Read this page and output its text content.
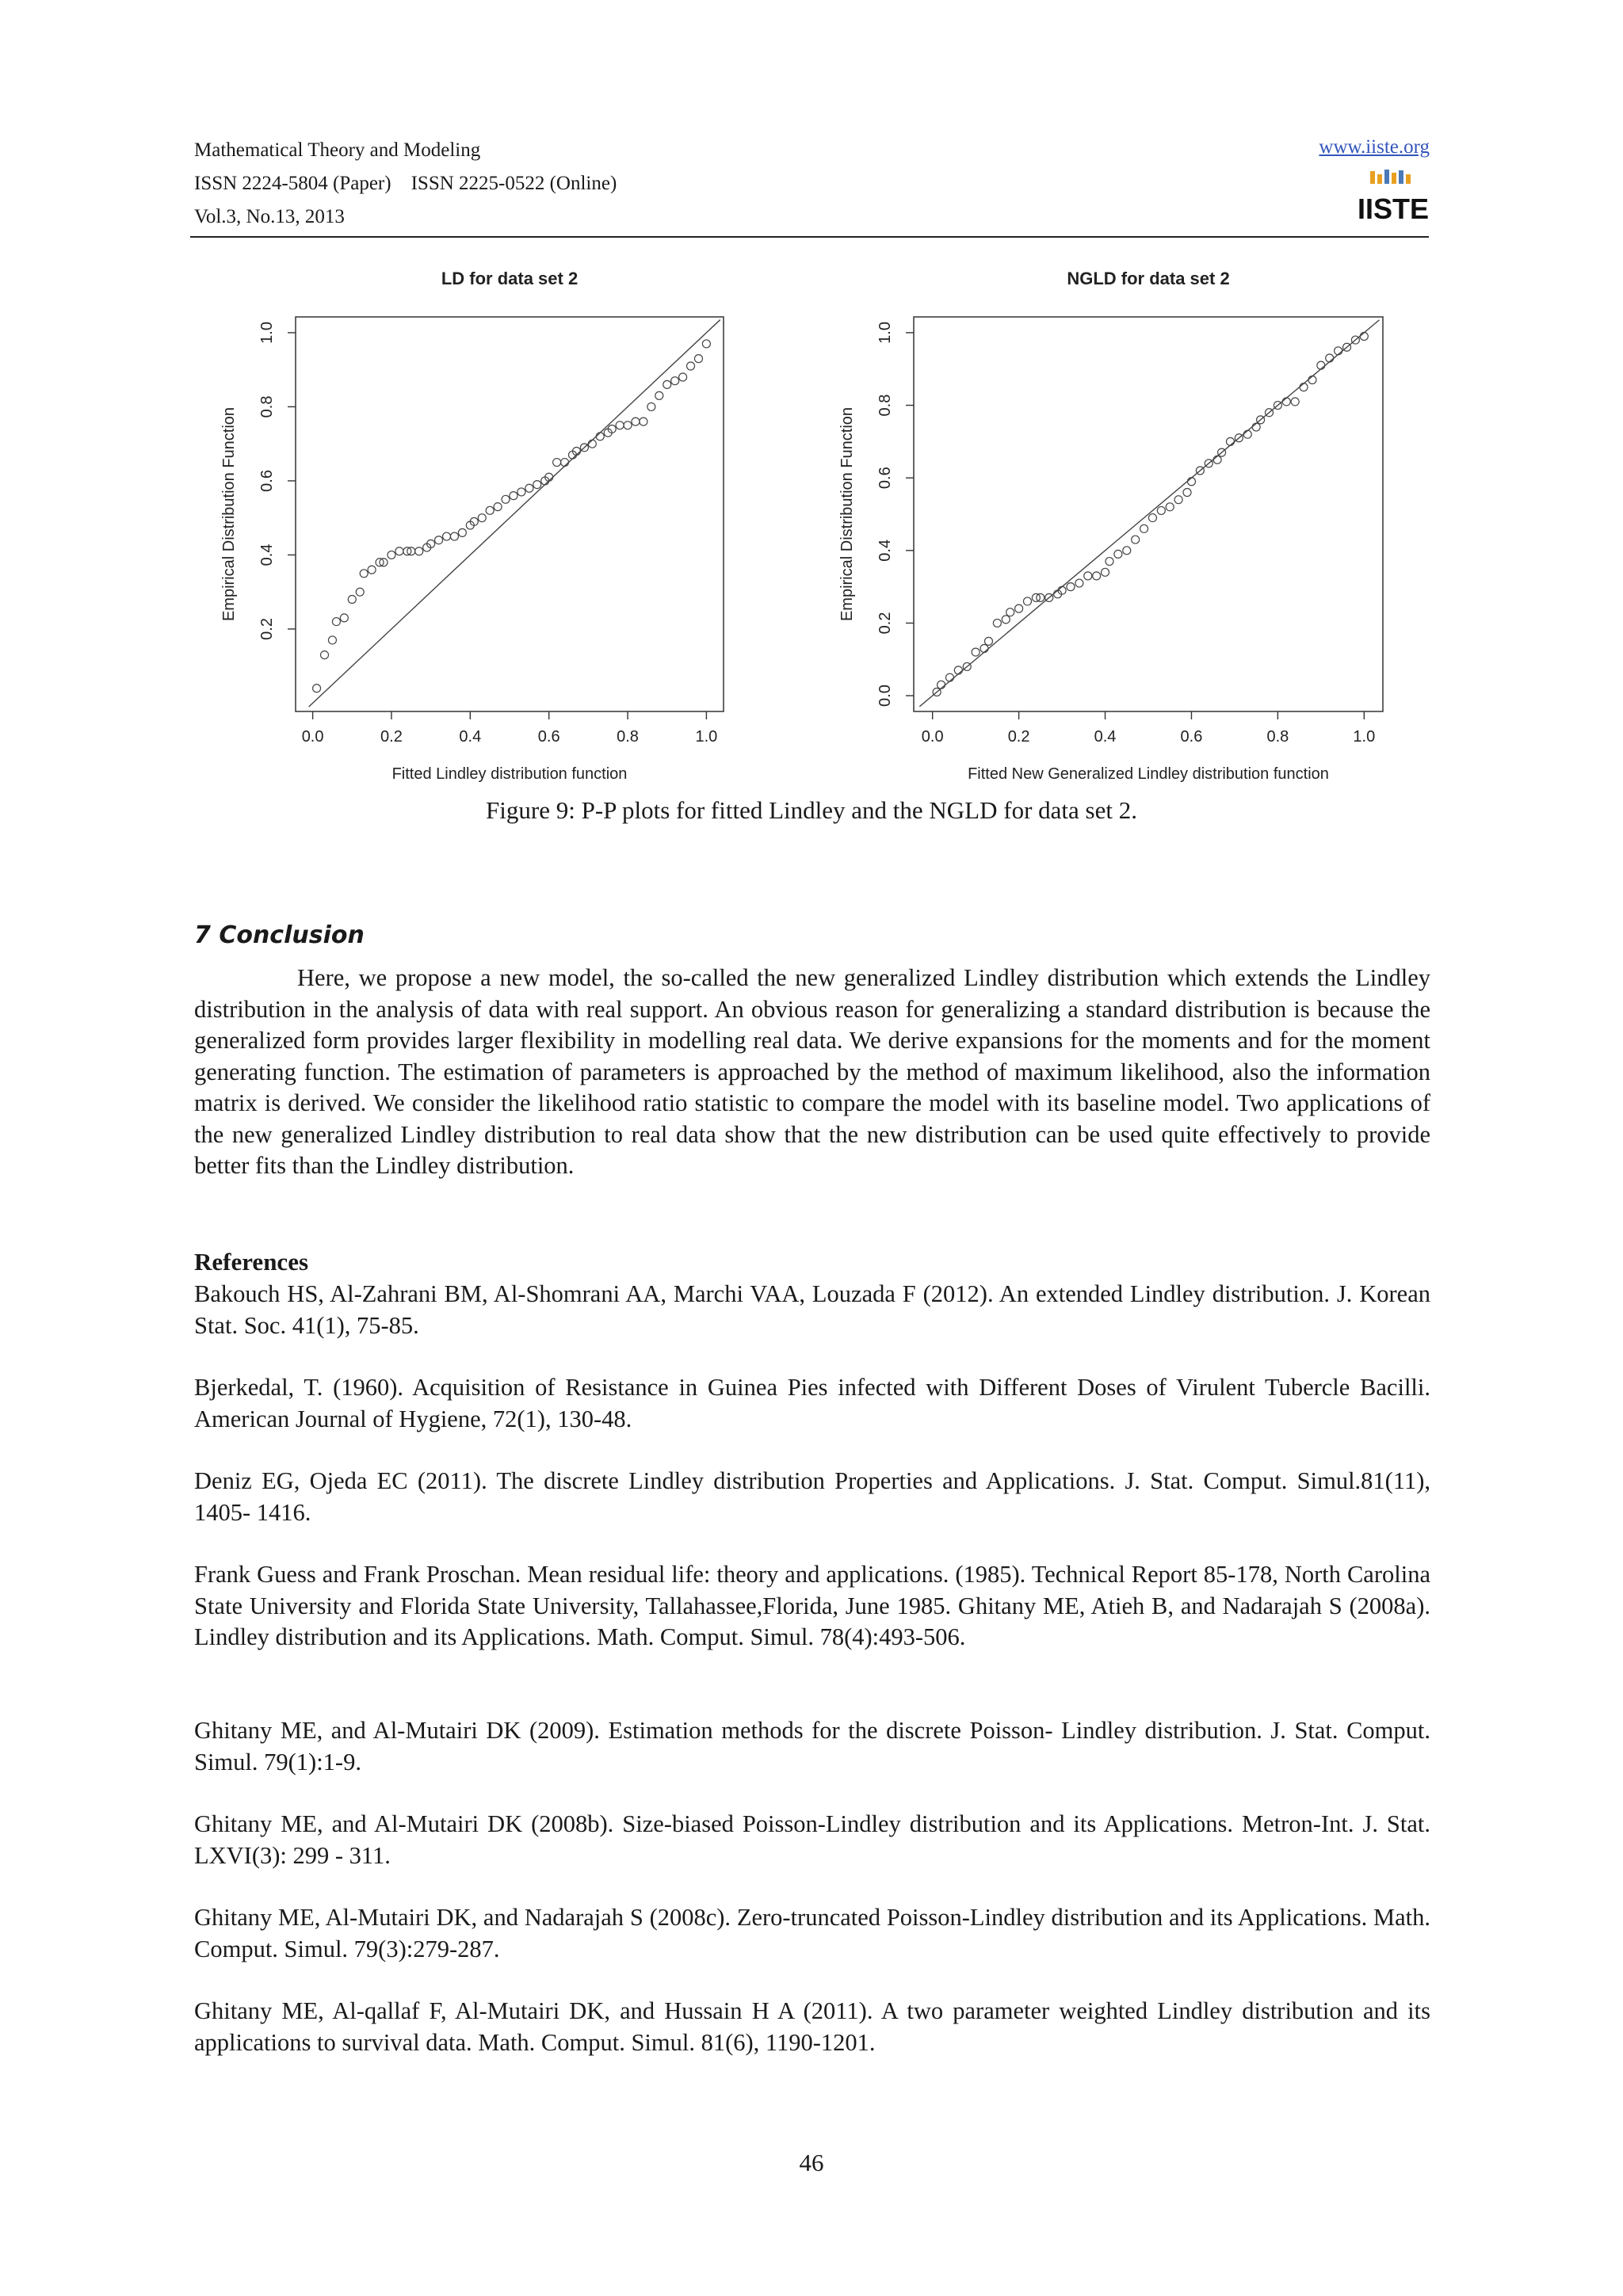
Mathematical Theory and Modeling
ISSN 2224-5804 (Paper)    ISSN 2225-0522 (Online)
Vol.3, No.13, 2013
www.iiste.org
IISTE
LD for data set 2
0.0	0.2	0.4	0.6	0.8	1.0
0.2
0.4
0.6
0.8
1.0
Fitted Lindley distribution function
Empirical Distribution Function
NGLD for data set 2
0.0	0.2	0.4	0.6	0.8	1.0
0.0
0.2
0.4
0.6
0.8
1.0
Fitted New Generalized Lindley distribution function
Empirical Distribution Function
Figure 9: P-P plots for fitted Lindley and the NGLD for data set 2.
7 Conclusion
Here, we propose a new model, the so-called the new generalized Lindley distribution which extends the Lindley distribution in the analysis of data with real support. An obvious reason for generalizing a standard distribution is because the generalized form provides larger flexibility in modelling real data. We derive expansions for the moments and for the moment generating function. The estimation of parameters is approached by the method of maximum likelihood, also the information matrix is derived. We consider the likelihood ratio statistic to compare the model with its baseline model. Two applications of the new generalized Lindley distribution to real data show that the new distribution can be used quite effectively to provide better fits than the Lindley distribution.
References
Bakouch HS, Al-Zahrani BM, Al-Shomrani AA, Marchi VAA, Louzada F (2012). An extended Lindley distribution. J. Korean Stat. Soc. 41(1), 75-85.
Bjerkedal, T. (1960). Acquisition of Resistance in Guinea Pies infected with Different Doses of Virulent Tubercle Bacilli. American Journal of Hygiene, 72(1), 130-48.
Deniz EG, Ojeda EC (2011). The discrete Lindley distribution Properties and Applications. J. Stat. Comput. Simul.81(11), 1405- 1416.
Frank Guess and Frank Proschan. Mean residual life: theory and applications. (1985). Technical Report 85-178, North Carolina State University and Florida State University, Tallahassee,Florida, June 1985. Ghitany ME, Atieh B, and Nadarajah S (2008a). Lindley distribution and its Applications. Math. Comput. Simul. 78(4):493-506.
Ghitany ME, and Al-Mutairi DK (2009). Estimation methods for the discrete Poisson- Lindley distribution. J. Stat. Comput. Simul. 79(1):1-9.
Ghitany ME, and Al-Mutairi DK (2008b). Size-biased Poisson-Lindley distribution and its Applications. Metron-Int. J. Stat. LXVI(3): 299 - 311.
Ghitany ME, Al-Mutairi DK, and Nadarajah S (2008c). Zero-truncated Poisson-Lindley distribution and its Applications. Math. Comput. Simul. 79(3):279-287.
Ghitany ME, Al-qallaf F, Al-Mutairi DK, and Hussain H A (2011). A two parameter weighted Lindley distribution and its applications to survival data. Math. Comput. Simul. 81(6), 1190-1201.
46
